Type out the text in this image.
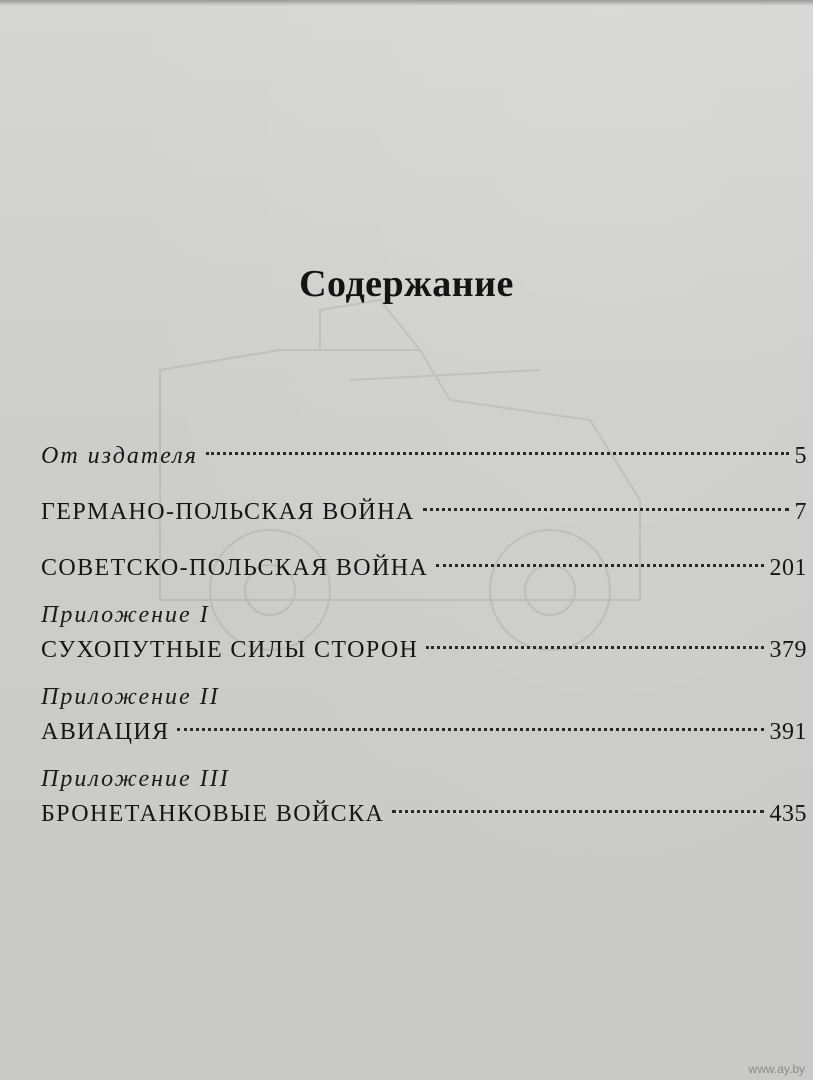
Содержание
От издателя	5
ГЕРМАНО-ПОЛЬСКАЯ ВОЙНА	7
СОВЕТСКО-ПОЛЬСКАЯ ВОЙНА	201
Приложение I
СУХОПУТНЫЕ СИЛЫ СТОРОН	379
Приложение II
АВИАЦИЯ	391
Приложение III
БРОНЕТАНКОВЫЕ ВОЙСКА	435
www.ay.by
